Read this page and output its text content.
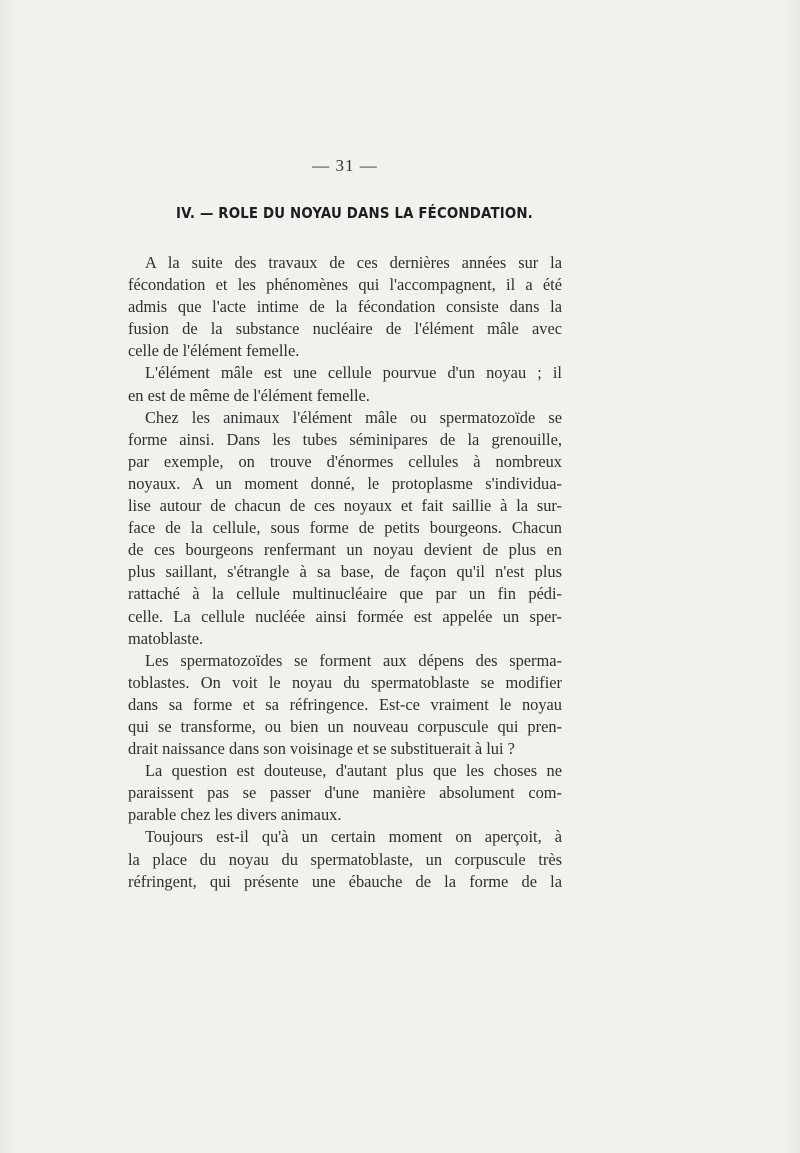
— 31 —
IV. — ROLE DU NOYAU DANS LA FÉCONDATION.
A la suite des travaux de ces dernières années sur la
fécondation et les phénomènes qui l'accompagnent, il a été
admis que l'acte intime de la fécondation consiste dans la
fusion de la substance nucléaire de l'élément mâle avec
celle de l'élément femelle.
L'élément mâle est une cellule pourvue d'un noyau ; il
en est de même de l'élément femelle.
Chez les animaux l'élément mâle ou spermatozoïde se
forme ainsi. Dans les tubes séminipares de la grenouille,
par exemple, on trouve d'énormes cellules à nombreux
noyaux. A un moment donné, le protoplasme s'individua-
lise autour de chacun de ces noyaux et fait saillie à la sur-
face de la cellule, sous forme de petits bourgeons. Chacun
de ces bourgeons renfermant un noyau devient de plus en
plus saillant, s'étrangle à sa base, de façon qu'il n'est plus
rattaché à la cellule multinucléaire que par un fin pédi-
celle. La cellule nucléée ainsi formée est appelée un sper-
matoblaste.
Les spermatozoïdes se forment aux dépens des sperma-
toblastes. On voit le noyau du spermatoblaste se modifier
dans sa forme et sa réfringence. Est-ce vraiment le noyau
qui se transforme, ou bien un nouveau corpuscule qui pren-
drait naissance dans son voisinage et se substituerait à lui ?
La question est douteuse, d'autant plus que les choses ne
paraissent pas se passer d'une manière absolument com-
parable chez les divers animaux.
Toujours est-il qu'à un certain moment on aperçoit, à
la place du noyau du spermatoblaste, un corpuscule très
réfringent, qui présente une ébauche de la forme de la
